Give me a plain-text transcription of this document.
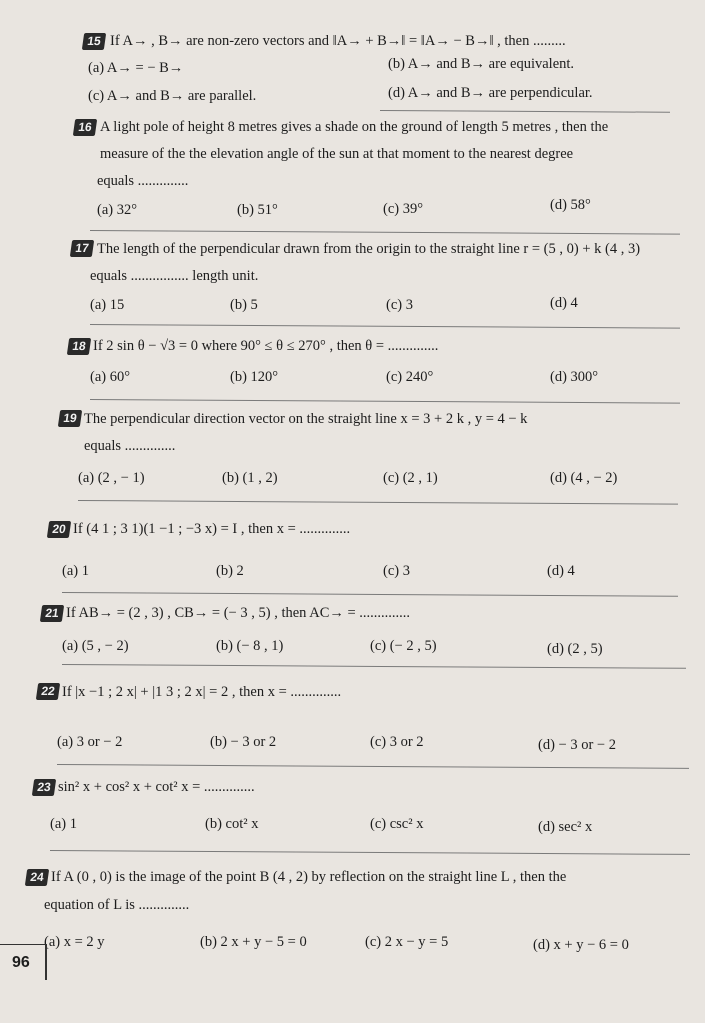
15 If A→ , B→ are non-zero vectors and ‖A→ + B→‖ = ‖A→ − B→‖ , then .........
(a) A→ = − B→	(b) A→ and B→ are equivalent.
(c) A→ and B→ are parallel.	(d) A→ and B→ are perpendicular.
16 A light pole of height 8 metres gives a shade on the ground of length 5 metres , then the
measure of the the elevation angle of the sun at that moment to the nearest degree
equals ..............
(a) 32°	(b) 51°	(c) 39°	(d) 58°
17 The length of the perpendicular drawn from the origin to the straight line r = (5 , 0) + k (4 , 3)
equals ................ length unit.
(a) 15	(b) 5	(c) 3	(d) 4
18 If 2 sin θ − √3 = 0 where 90° ≤ θ ≤ 270° , then θ = ..............
(a) 60°	(b) 120°	(c) 240°	(d) 300°
19 The perpendicular direction vector on the straight line x = 3 + 2 k , y = 4 − k
equals ..............
(a) (2 , − 1)	(b) (1 , 2)	(c) (2 , 1)	(d) (4 , − 2)
20 If (4 1 ; 3 1)(1 −1 ; −3 x) = I , then x = ..............
(a) 1	(b) 2	(c) 3	(d) 4
21 If AB→ = (2 , 3) , CB→ = (− 3 , 5) , then AC→ = ..............
(a) (5 , − 2)	(b) (− 8 , 1)	(c) (− 2 , 5)	(d) (2 , 5)
22 If |x −1 ; 2 x| + |1 3 ; 2 x| = 2 , then x = ..............
(a) 3 or − 2	(b) − 3 or 2	(c) 3 or 2	(d) − 3 or − 2
23 sin² x + cos² x + cot² x = ..............
(a) 1	(b) cot² x	(c) csc² x	(d) sec² x
24 If A (0 , 0) is the image of the point B (4 , 2) by reflection on the straight line L , then the
equation of L is ..............
(a) x = 2 y	(b) 2 x + y − 5 = 0	(c) 2 x − y = 5	(d) x + y − 6 = 0
96
